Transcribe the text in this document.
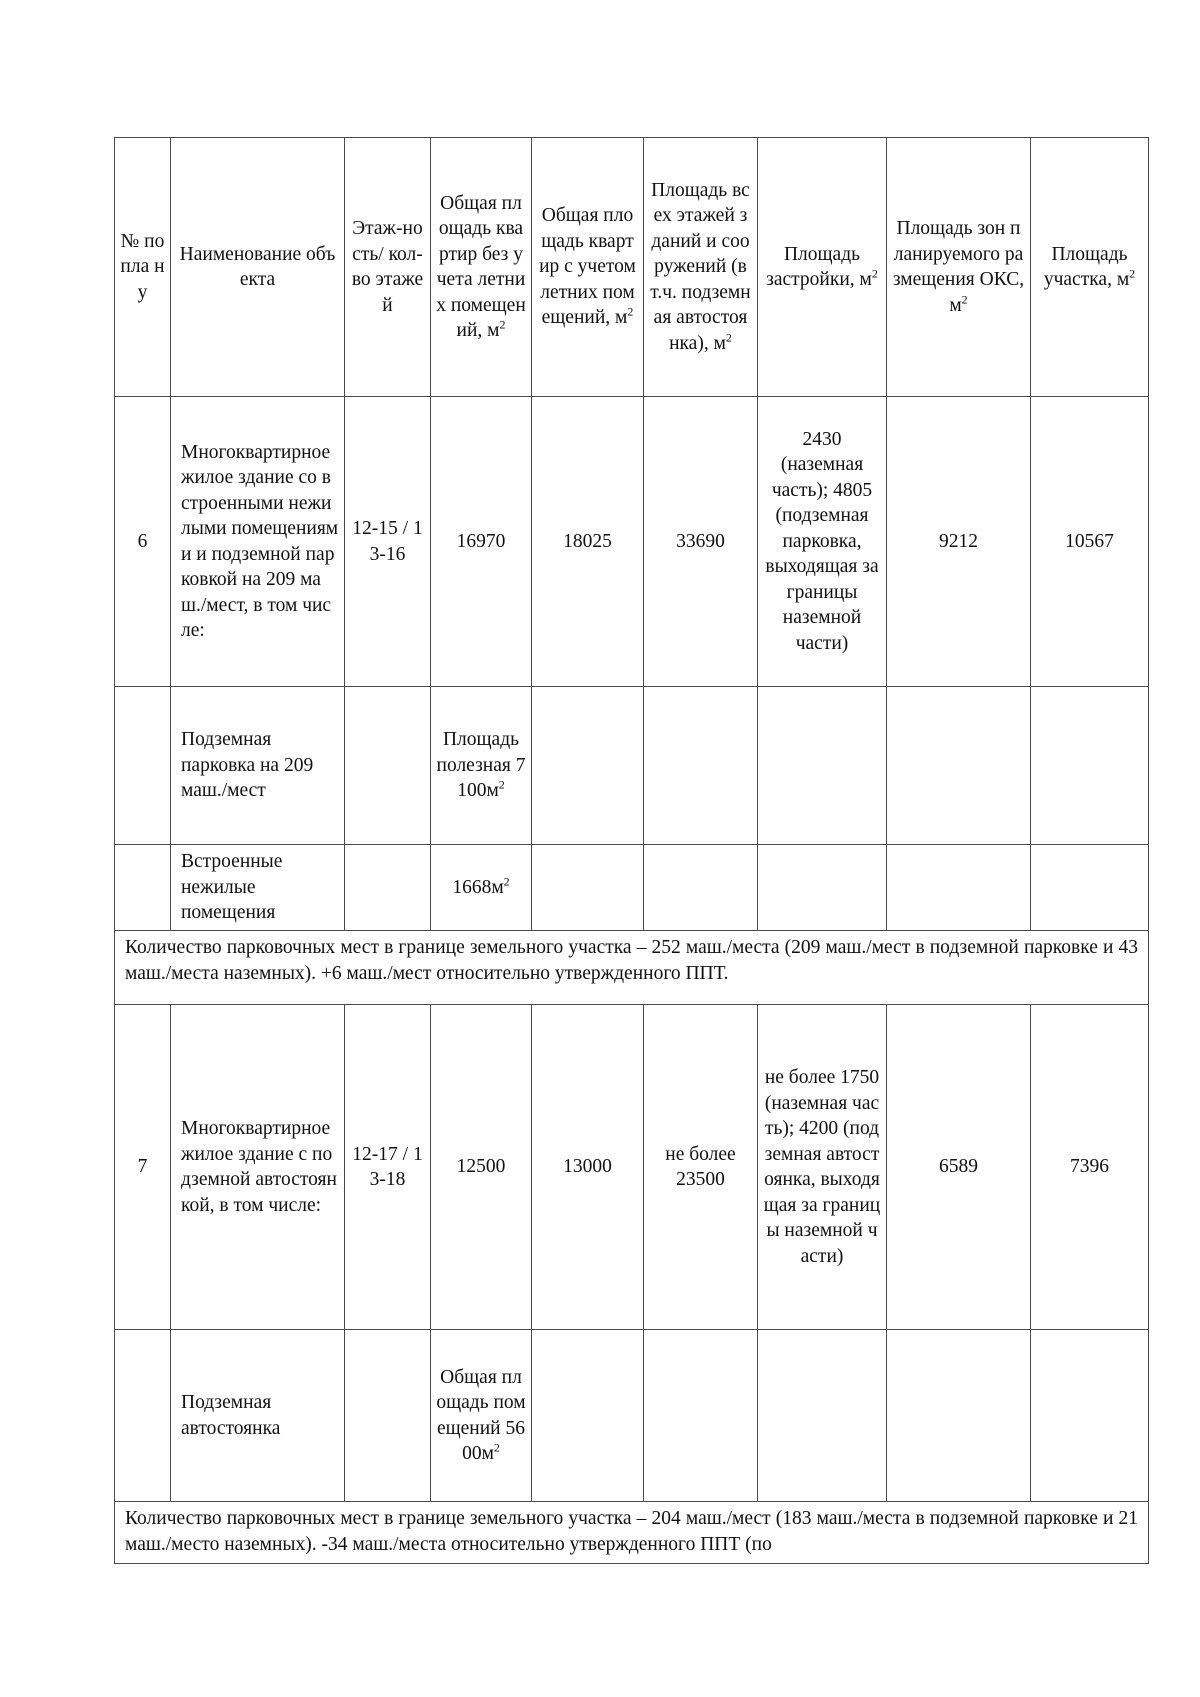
№ по пла ну	Наименование объекта	Этаж-ность/ кол-во этажей	Общая площадь квартир без учета летних помещений, $м^2$	Общая площадь квартир с учетом летних помещений, $м^2$	Площадь всех этажей зданий и сооружений (в т.ч. подземная автостоянка), $м^2$	Площадь застройки, $м^2$	Площадь зон планируемого размещения ОКС, $м^2$	Площадь участка, $м^2$
6	Многоквартирное жилое здание со встроенными нежилыми помещениями и подземной парковкой на 209 маш./мест, в том числе:	12-15 / 13-16	16970	18025	33690	2430 (наземная часть); 4805 (подземная парковка, выходящая за границы наземной части)	9212	10567
	Подземная парковка на 209 маш./мест		Площадь полезная $7100м^2$					
	Встроенные нежилые помещения		$1668м^2$					
Количество парковочных мест в границе земельного участка – 252 маш./места (209 маш./мест в подземной парковке и 43 маш./места наземных). +6 маш./мест относительно утвержденного ППТ.								
7	Многоквартирное жилое здание с подземной автостоянкой, в том числе:	12-17 / 13-18	12500	13000	не более 23500	не более 1750 (наземная часть); 4200 (подземная автостоянка, выходящая за границы наземной части)	6589	7396
	Подземная автостоянка		Общая площадь помещений $5600м^2$					
Количество парковочных мест в границе земельного участка – 204 маш./мест (183 маш./места в подземной парковке и 21 маш./место наземных). -34 маш./места относительно утвержденного ППТ (по								
